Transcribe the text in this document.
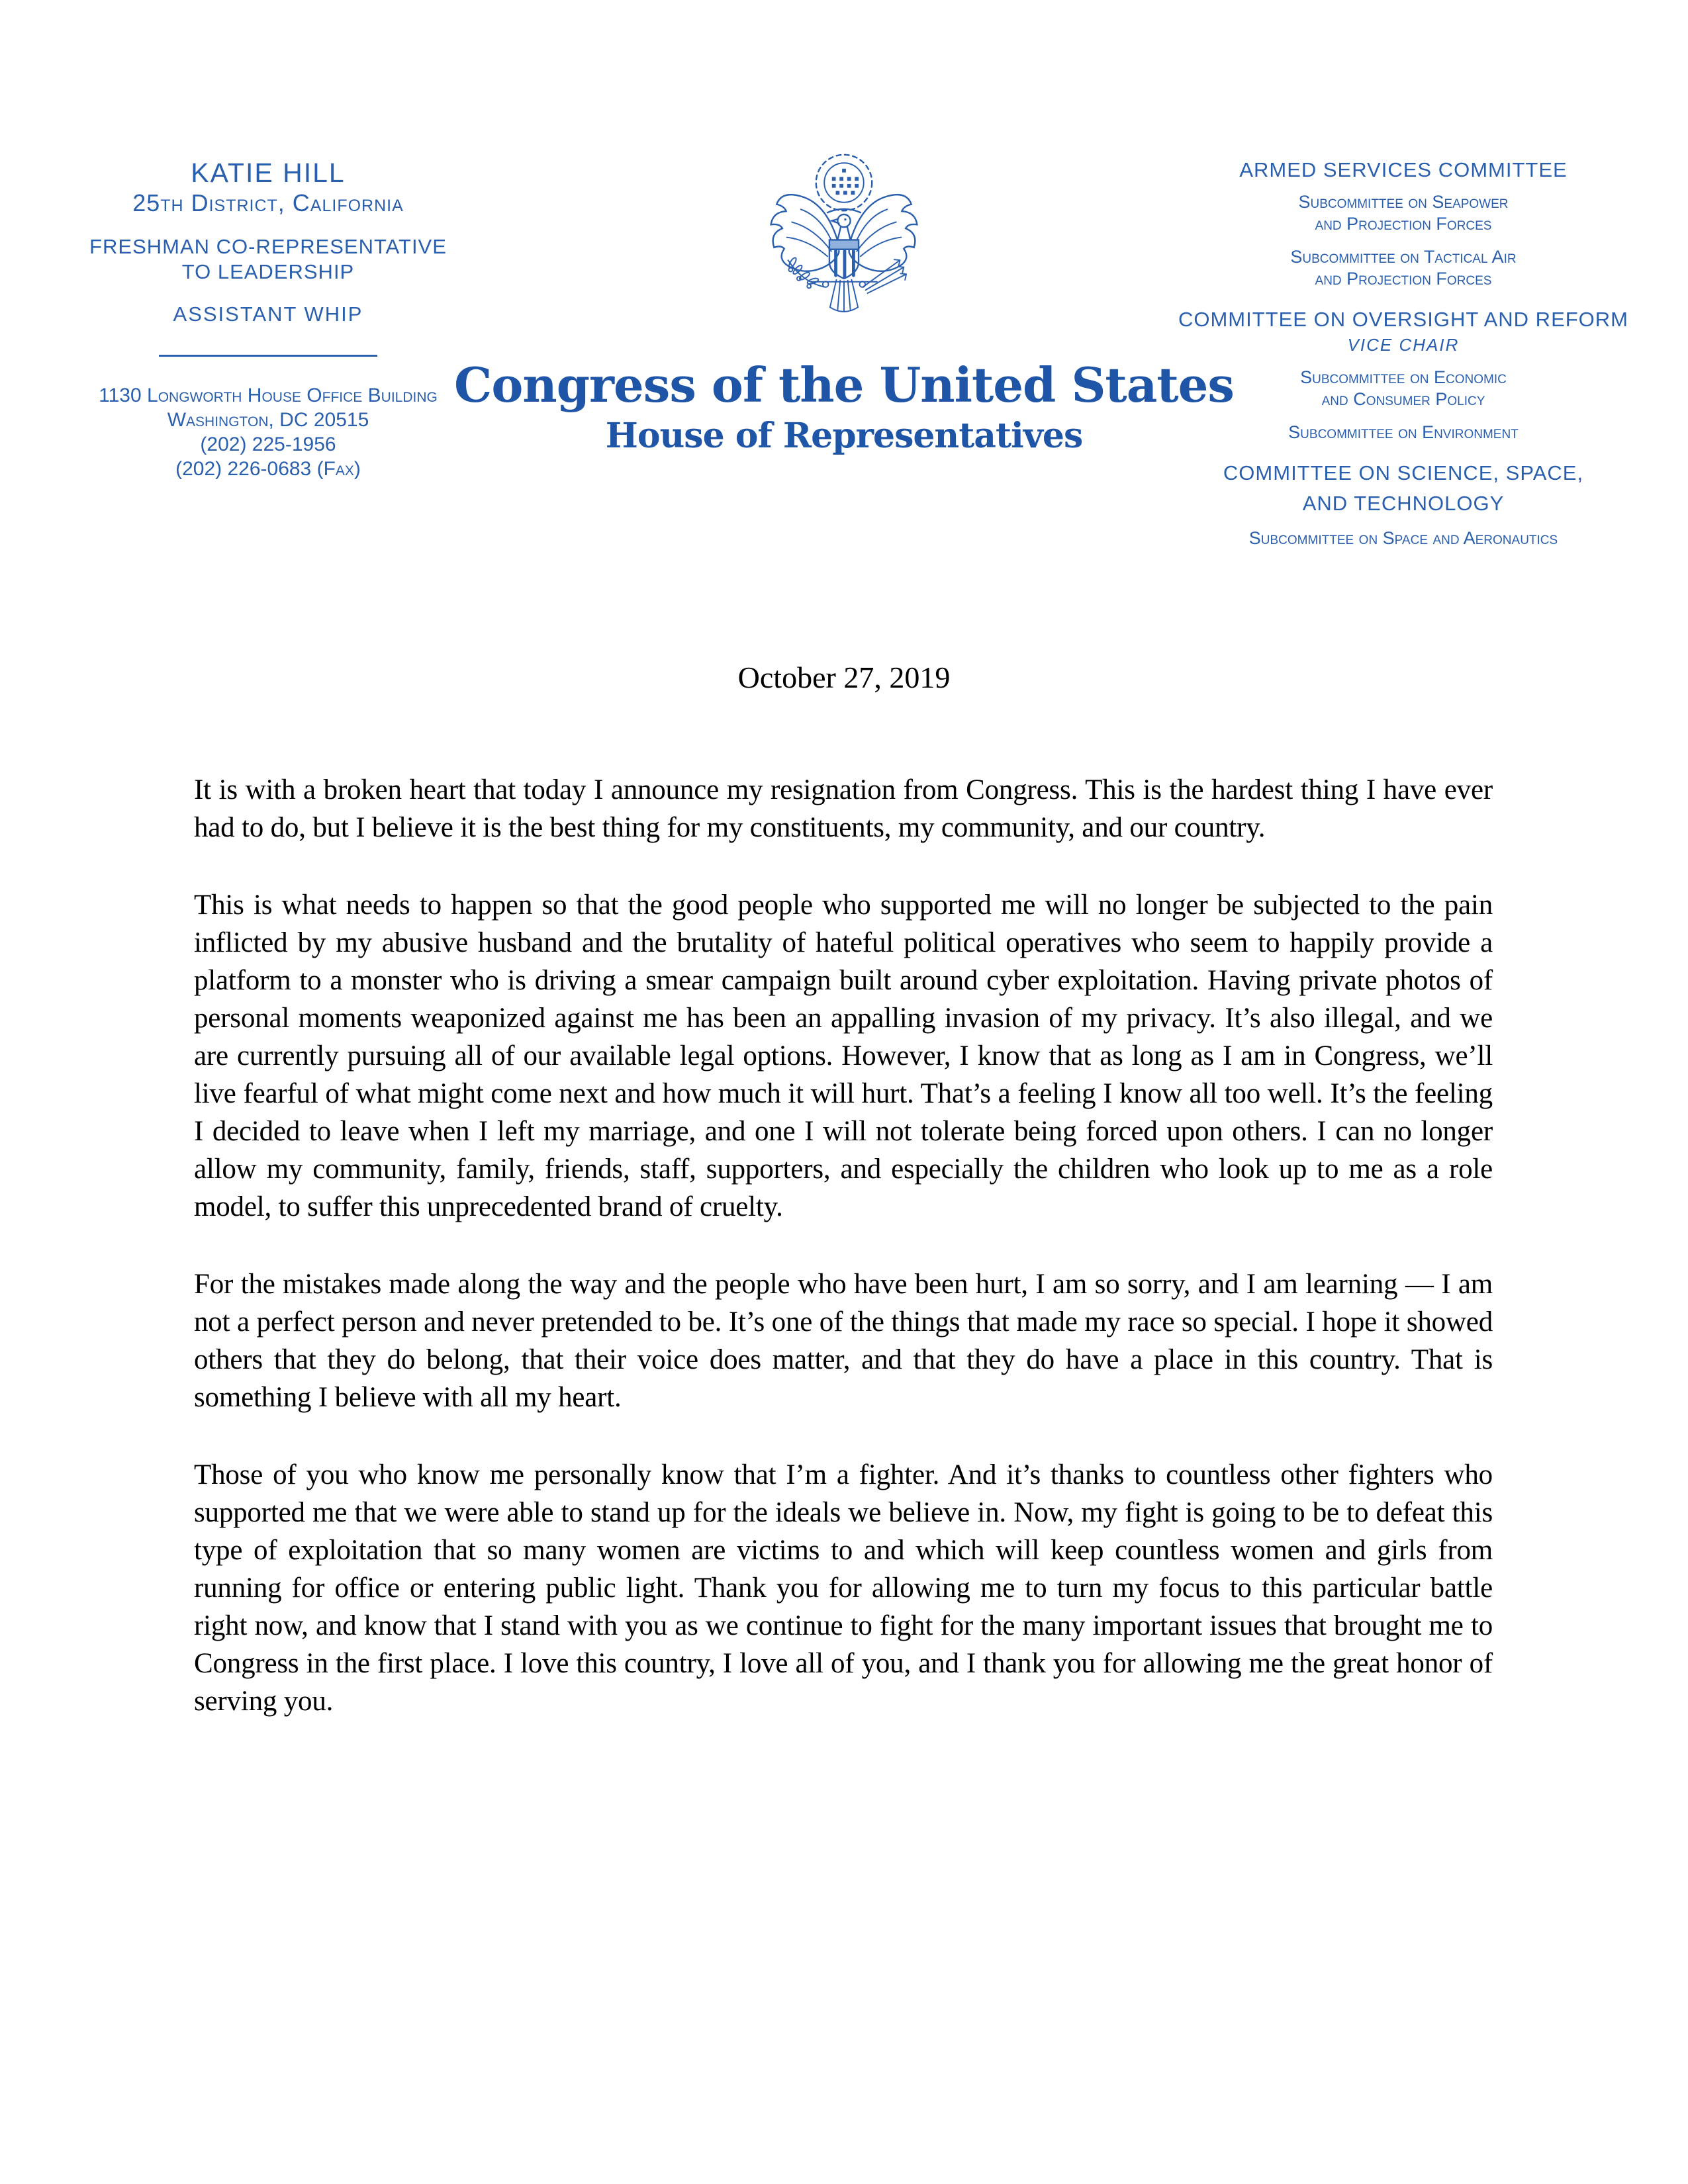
KATIE HILL
25th District, California
FRESHMAN CO-REPRESENTATIVE
TO LEADERSHIP
ASSISTANT WHIP
1130 Longworth House Office Building
Washington, DC 20515
(202) 225-1956
(202) 226-0683 (Fax)
Congress of the United States
House of Representatives
ARMED SERVICES COMMITTEE
Subcommittee on Seapower
and Projection Forces
Subcommittee on Tactical Air
and Projection Forces
COMMITTEE ON OVERSIGHT AND REFORM
VICE CHAIR
Subcommittee on Economic
and Consumer Policy
Subcommittee on Environment
COMMITTEE ON SCIENCE, SPACE,
AND TECHNOLOGY
Subcommittee on Space and Aeronautics
October 27, 2019

It is with a broken heart that today I announce my resignation from Congress. This is the hardest thing I have ever had to do, but I believe it is the best thing for my constituents, my community, and our country.

This is what needs to happen so that the good people who supported me will no longer be subjected to the pain inflicted by my abusive husband and the brutality of hateful political operatives who seem to happily provide a platform to a monster who is driving a smear campaign built around cyber exploitation. Having private photos of personal moments weaponized against me has been an appalling invasion of my privacy. It’s also illegal, and we are currently pursuing all of our available legal options. However, I know that as long as I am in Congress, we’ll live fearful of what might come next and how much it will hurt. That’s a feeling I know all too well. It’s the feeling I decided to leave when I left my marriage, and one I will not tolerate being forced upon others. I can no longer allow my community, family, friends, staff, supporters, and especially the children who look up to me as a role model, to suffer this unprecedented brand of cruelty.

For the mistakes made along the way and the people who have been hurt, I am so sorry, and I am learning — I am not a perfect person and never pretended to be. It’s one of the things that made my race so special. I hope it showed others that they do belong, that their voice does matter, and that they do have a place in this country. That is something I believe with all my heart.

Those of you who know me personally know that I’m a fighter. And it’s thanks to countless other fighters who supported me that we were able to stand up for the ideals we believe in. Now, my fight is going to be to defeat this type of exploitation that so many women are victims to and which will keep countless women and girls from running for office or entering public light. Thank you for allowing me to turn my focus to this particular battle right now, and know that I stand with you as we continue to fight for the many important issues that brought me to Congress in the first place. I love this country, I love all of you, and I thank you for allowing me the great honor of serving you.
